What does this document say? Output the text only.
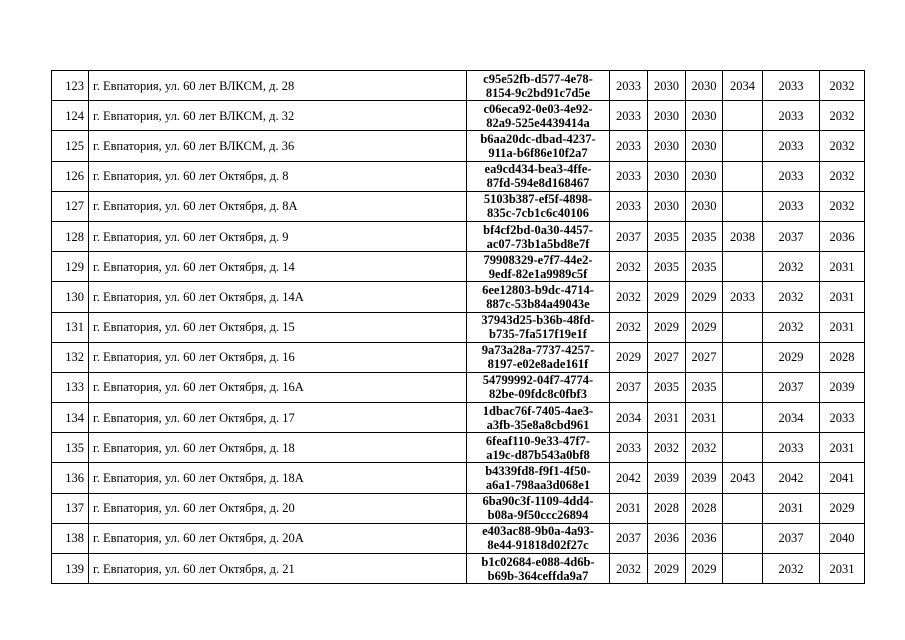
123	г. Евпатория, ул. 60 лет ВЛКСМ, д. 28	c95e52fb-d577-4e78-
8154-9c2bd91c7d5e	2033	2030	2030	2034	2033	2032
124	г. Евпатория, ул. 60 лет ВЛКСМ, д. 32	c06eca92-0e03-4e92-
82a9-525e4439414a	2033	2030	2030		2033	2032
125	г. Евпатория, ул. 60 лет ВЛКСМ, д. 36	b6aa20dc-dbad-4237-
911a-b6f86e10f2a7	2033	2030	2030		2033	2032
126	г. Евпатория, ул. 60 лет Октября, д. 8	ea9cd434-bea3-4ffe-
87fd-594e8d168467	2033	2030	2030		2033	2032
127	г. Евпатория, ул. 60 лет Октября, д. 8А	5103b387-ef5f-4898-
835c-7cb1c6c40106	2033	2030	2030		2033	2032
128	г. Евпатория, ул. 60 лет Октября, д. 9	bf4cf2bd-0a30-4457-
ac07-73b1a5bd8e7f	2037	2035	2035	2038	2037	2036
129	г. Евпатория, ул. 60 лет Октября, д. 14	79908329-e7f7-44e2-
9edf-82e1a9989c5f	2032	2035	2035		2032	2031
130	г. Евпатория, ул. 60 лет Октября, д. 14А	6ee12803-b9dc-4714-
887c-53b84a49043e	2032	2029	2029	2033	2032	2031
131	г. Евпатория, ул. 60 лет Октября, д. 15	37943d25-b36b-48fd-
b735-7fa517f19e1f	2032	2029	2029		2032	2031
132	г. Евпатория, ул. 60 лет Октября, д. 16	9a73a28a-7737-4257-
8197-e02e8ade161f	2029	2027	2027		2029	2028
133	г. Евпатория, ул. 60 лет Октября, д. 16А	54799992-04f7-4774-
82be-09fdc8c0fbf3	2037	2035	2035		2037	2039
134	г. Евпатория, ул. 60 лет Октября, д. 17	1dbac76f-7405-4ae3-
a3fb-35e8a8cbd961	2034	2031	2031		2034	2033
135	г. Евпатория, ул. 60 лет Октября, д. 18	6feaf110-9e33-47f7-
a19c-d87b543a0bf8	2033	2032	2032		2033	2031
136	г. Евпатория, ул. 60 лет Октября, д. 18А	b4339fd8-f9f1-4f50-
a6a1-798aa3d068e1	2042	2039	2039	2043	2042	2041
137	г. Евпатория, ул. 60 лет Октября, д. 20	6ba90c3f-1109-4dd4-
b08a-9f50ccc26894	2031	2028	2028		2031	2029
138	г. Евпатория, ул. 60 лет Октября, д. 20А	e403ac88-9b0a-4a93-
8e44-91818d02f27c	2037	2036	2036		2037	2040
139	г. Евпатория, ул. 60 лет Октября, д. 21	b1c02684-e088-4d6b-
b69b-364ceffda9a7	2032	2029	2029		2032	2031
